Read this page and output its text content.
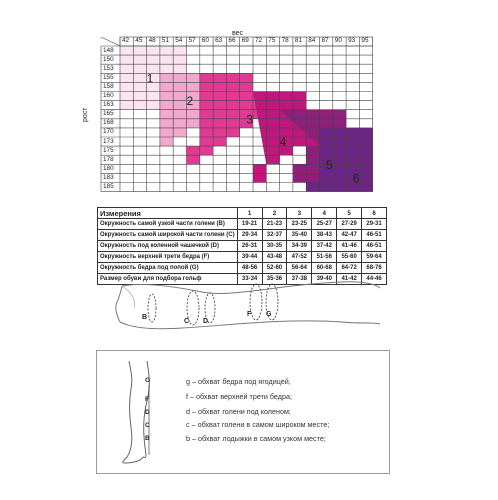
1
2
3
4
5
6
вес
рост
42 45 48 51 54 57 60 63 66 69 72 75 78 81 84 87 90 93 95
148
150
153
155
158
160
163
165
168
170
173
175
178
180
183
185
Измерения	1	2	3	4	5	6
Окружность самой узкой части голени (B)	19-21	21-23	23-25	25-27	27-29	29-31
Окружность самой широкой части голени (C)	29-34	32-37	35-40	38-43	42-47	46-51
Окружность под коленной чашечкой (D)	26-31	30-35	34-39	37-42	41-46	46-51
Окружность верхней трети бедра (F)	39-44	43-48	47-52	51-56	55-60	59-64
Окружность бедра под попой (G)	48-56	52-60	56-64	60-68	64-72	68-76
Размер обуви для подбора гольф	33-34	35-36	37-38	39-40	41-42	44-46
B
C D
F G
G
F
D
C
B
g – обхват бедра под ягодицей,
f – обхват верхней трети бедра;
d – обхват голени под коленом;
c – обхват голени в самом широком месте;
b – обхват лодыжки в самом узком месте;
